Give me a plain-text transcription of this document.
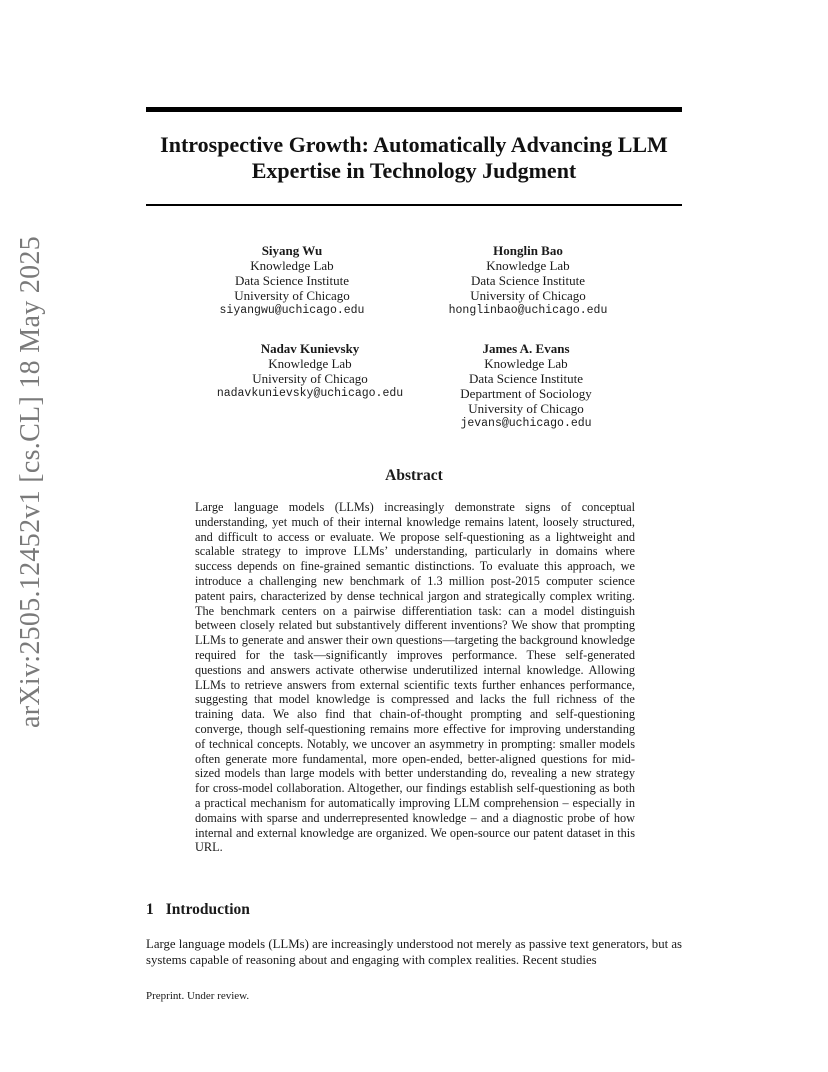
arXiv:2505.12452v1 [cs.CL] 18 May 2025
Introspective Growth: Automatically Advancing LLM Expertise in Technology Judgment
Siyang Wu
Knowledge Lab
Data Science Institute
University of Chicago
siyangwu@uchicago.edu
Honglin Bao
Knowledge Lab
Data Science Institute
University of Chicago
honglinbao@uchicago.edu
Nadav Kunievsky
Knowledge Lab
University of Chicago
nadavkunievsky@uchicago.edu
James A. Evans
Knowledge Lab
Data Science Institute
Department of Sociology
University of Chicago
jevans@uchicago.edu
Abstract

Large language models (LLMs) increasingly demonstrate signs of conceptual understanding, yet much of their internal knowledge remains latent, loosely structured, and difficult to access or evaluate. We propose self-questioning as a lightweight and scalable strategy to improve LLMs’ understanding, particularly in domains where success depends on fine-grained semantic distinctions. To evaluate this approach, we introduce a challenging new benchmark of 1.3 million post-2015 computer science patent pairs, characterized by dense technical jargon and strategically complex writing. The benchmark centers on a pairwise differentiation task: can a model distinguish between closely related but substantively different inventions? We show that prompting LLMs to generate and answer their own questions—targeting the background knowledge required for the task—significantly improves performance. These self-generated questions and answers activate otherwise underutilized internal knowledge. Allowing LLMs to retrieve answers from external scientific texts further enhances performance, suggesting that model knowledge is compressed and lacks the full richness of the training data. We also find that chain-of-thought prompting and self-questioning converge, though self-questioning remains more effective for improving understanding of technical concepts. Notably, we uncover an asymmetry in prompting: smaller models often generate more fundamental, more open-ended, better-aligned questions for mid-sized models than large models with better understanding do, revealing a new strategy for cross-model collaboration. Altogether, our findings establish self-questioning as both a practical mechanism for automatically improving LLM comprehension – especially in domains with sparse and underrepresented knowledge – and a diagnostic probe of how internal and external knowledge are organized. We open-source our patent dataset in this URL.

1 Introduction

Large language models (LLMs) are increasingly understood not merely as passive text generators, but as systems capable of reasoning about and engaging with complex realities. Recent studies

Preprint. Under review.
